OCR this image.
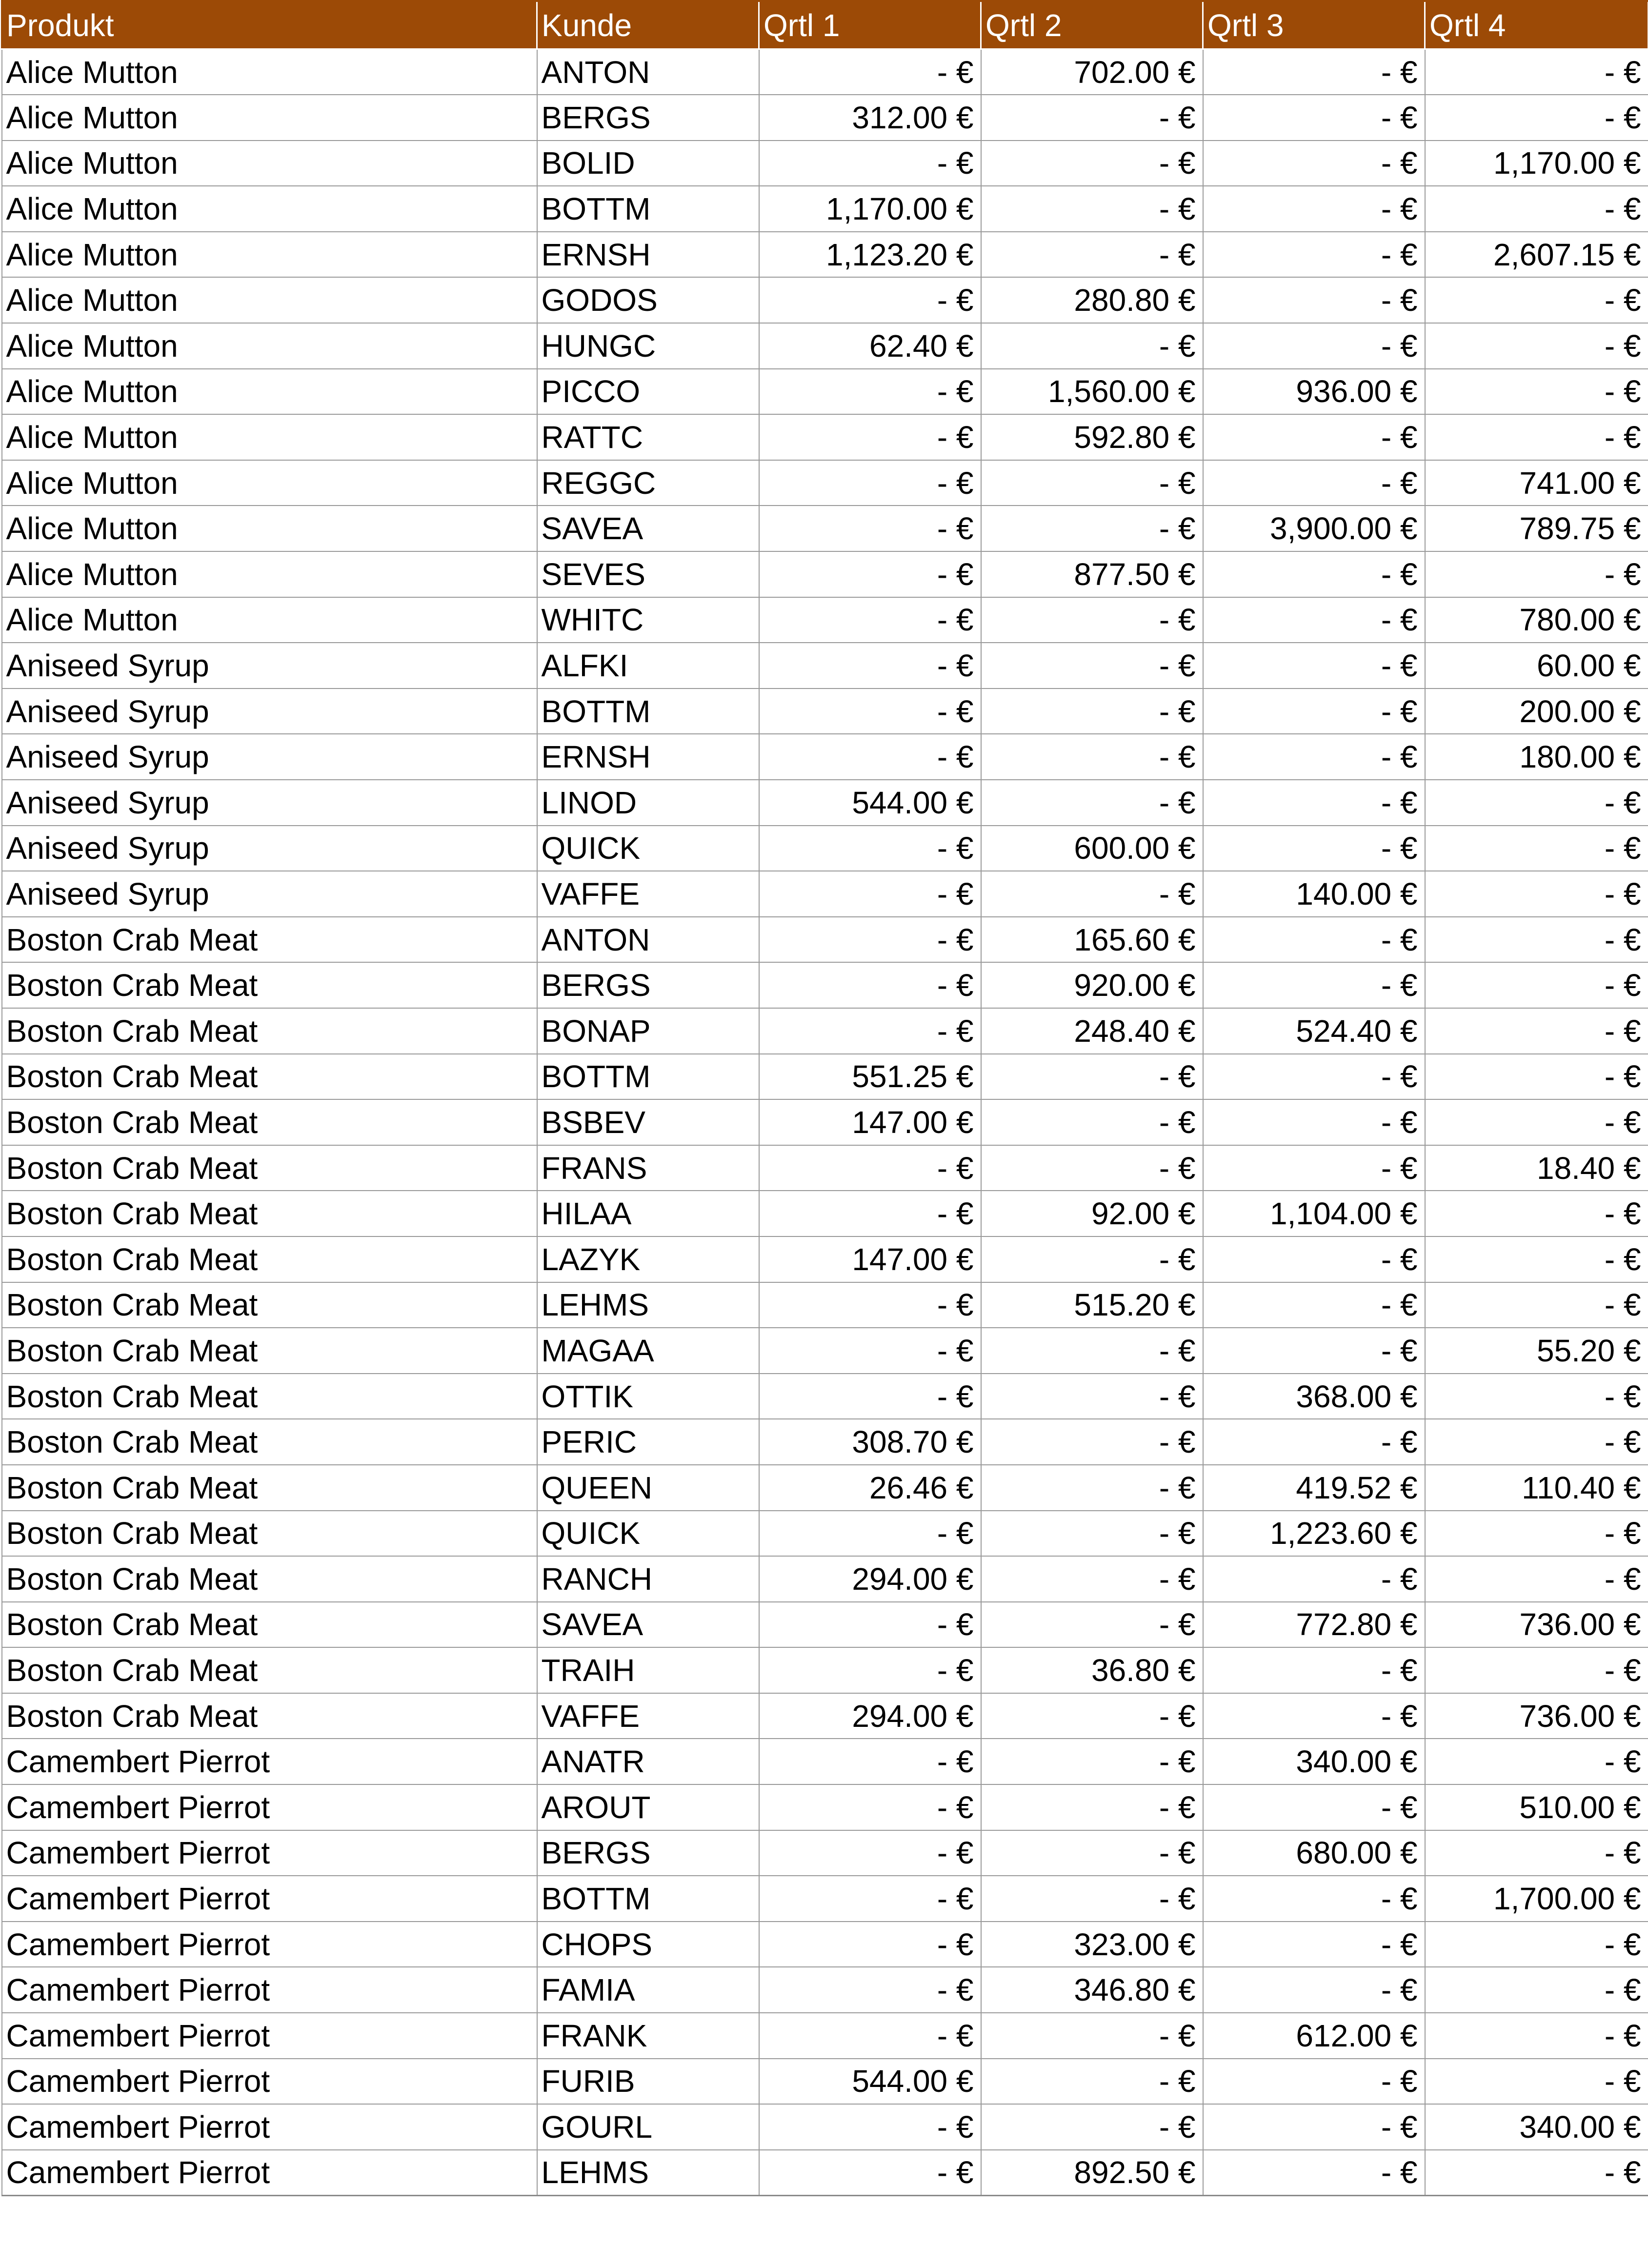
Produkt	Kunde	Qrtl 1	Qrtl 2	Qrtl 3	Qrtl 4
Alice Mutton	ANTON	- €	702.00 €	- €	- €
Alice Mutton	BERGS	312.00 €	- €	- €	- €
Alice Mutton	BOLID	- €	- €	- €	1,170.00 €
Alice Mutton	BOTTM	1,170.00 €	- €	- €	- €
Alice Mutton	ERNSH	1,123.20 €	- €	- €	2,607.15 €
Alice Mutton	GODOS	- €	280.80 €	- €	- €
Alice Mutton	HUNGC	62.40 €	- €	- €	- €
Alice Mutton	PICCO	- €	1,560.00 €	936.00 €	- €
Alice Mutton	RATTC	- €	592.80 €	- €	- €
Alice Mutton	REGGC	- €	- €	- €	741.00 €
Alice Mutton	SAVEA	- €	- €	3,900.00 €	789.75 €
Alice Mutton	SEVES	- €	877.50 €	- €	- €
Alice Mutton	WHITC	- €	- €	- €	780.00 €
Aniseed Syrup	ALFKI	- €	- €	- €	60.00 €
Aniseed Syrup	BOTTM	- €	- €	- €	200.00 €
Aniseed Syrup	ERNSH	- €	- €	- €	180.00 €
Aniseed Syrup	LINOD	544.00 €	- €	- €	- €
Aniseed Syrup	QUICK	- €	600.00 €	- €	- €
Aniseed Syrup	VAFFE	- €	- €	140.00 €	- €
Boston Crab Meat	ANTON	- €	165.60 €	- €	- €
Boston Crab Meat	BERGS	- €	920.00 €	- €	- €
Boston Crab Meat	BONAP	- €	248.40 €	524.40 €	- €
Boston Crab Meat	BOTTM	551.25 €	- €	- €	- €
Boston Crab Meat	BSBEV	147.00 €	- €	- €	- €
Boston Crab Meat	FRANS	- €	- €	- €	18.40 €
Boston Crab Meat	HILAA	- €	92.00 €	1,104.00 €	- €
Boston Crab Meat	LAZYK	147.00 €	- €	- €	- €
Boston Crab Meat	LEHMS	- €	515.20 €	- €	- €
Boston Crab Meat	MAGAA	- €	- €	- €	55.20 €
Boston Crab Meat	OTTIK	- €	- €	368.00 €	- €
Boston Crab Meat	PERIC	308.70 €	- €	- €	- €
Boston Crab Meat	QUEEN	26.46 €	- €	419.52 €	110.40 €
Boston Crab Meat	QUICK	- €	- €	1,223.60 €	- €
Boston Crab Meat	RANCH	294.00 €	- €	- €	- €
Boston Crab Meat	SAVEA	- €	- €	772.80 €	736.00 €
Boston Crab Meat	TRAIH	- €	36.80 €	- €	- €
Boston Crab Meat	VAFFE	294.00 €	- €	- €	736.00 €
Camembert Pierrot	ANATR	- €	- €	340.00 €	- €
Camembert Pierrot	AROUT	- €	- €	- €	510.00 €
Camembert Pierrot	BERGS	- €	- €	680.00 €	- €
Camembert Pierrot	BOTTM	- €	- €	- €	1,700.00 €
Camembert Pierrot	CHOPS	- €	323.00 €	- €	- €
Camembert Pierrot	FAMIA	- €	346.80 €	- €	- €
Camembert Pierrot	FRANK	- €	- €	612.00 €	- €
Camembert Pierrot	FURIB	544.00 €	- €	- €	- €
Camembert Pierrot	GOURL	- €	- €	- €	340.00 €
Camembert Pierrot	LEHMS	- €	892.50 €	- €	- €
